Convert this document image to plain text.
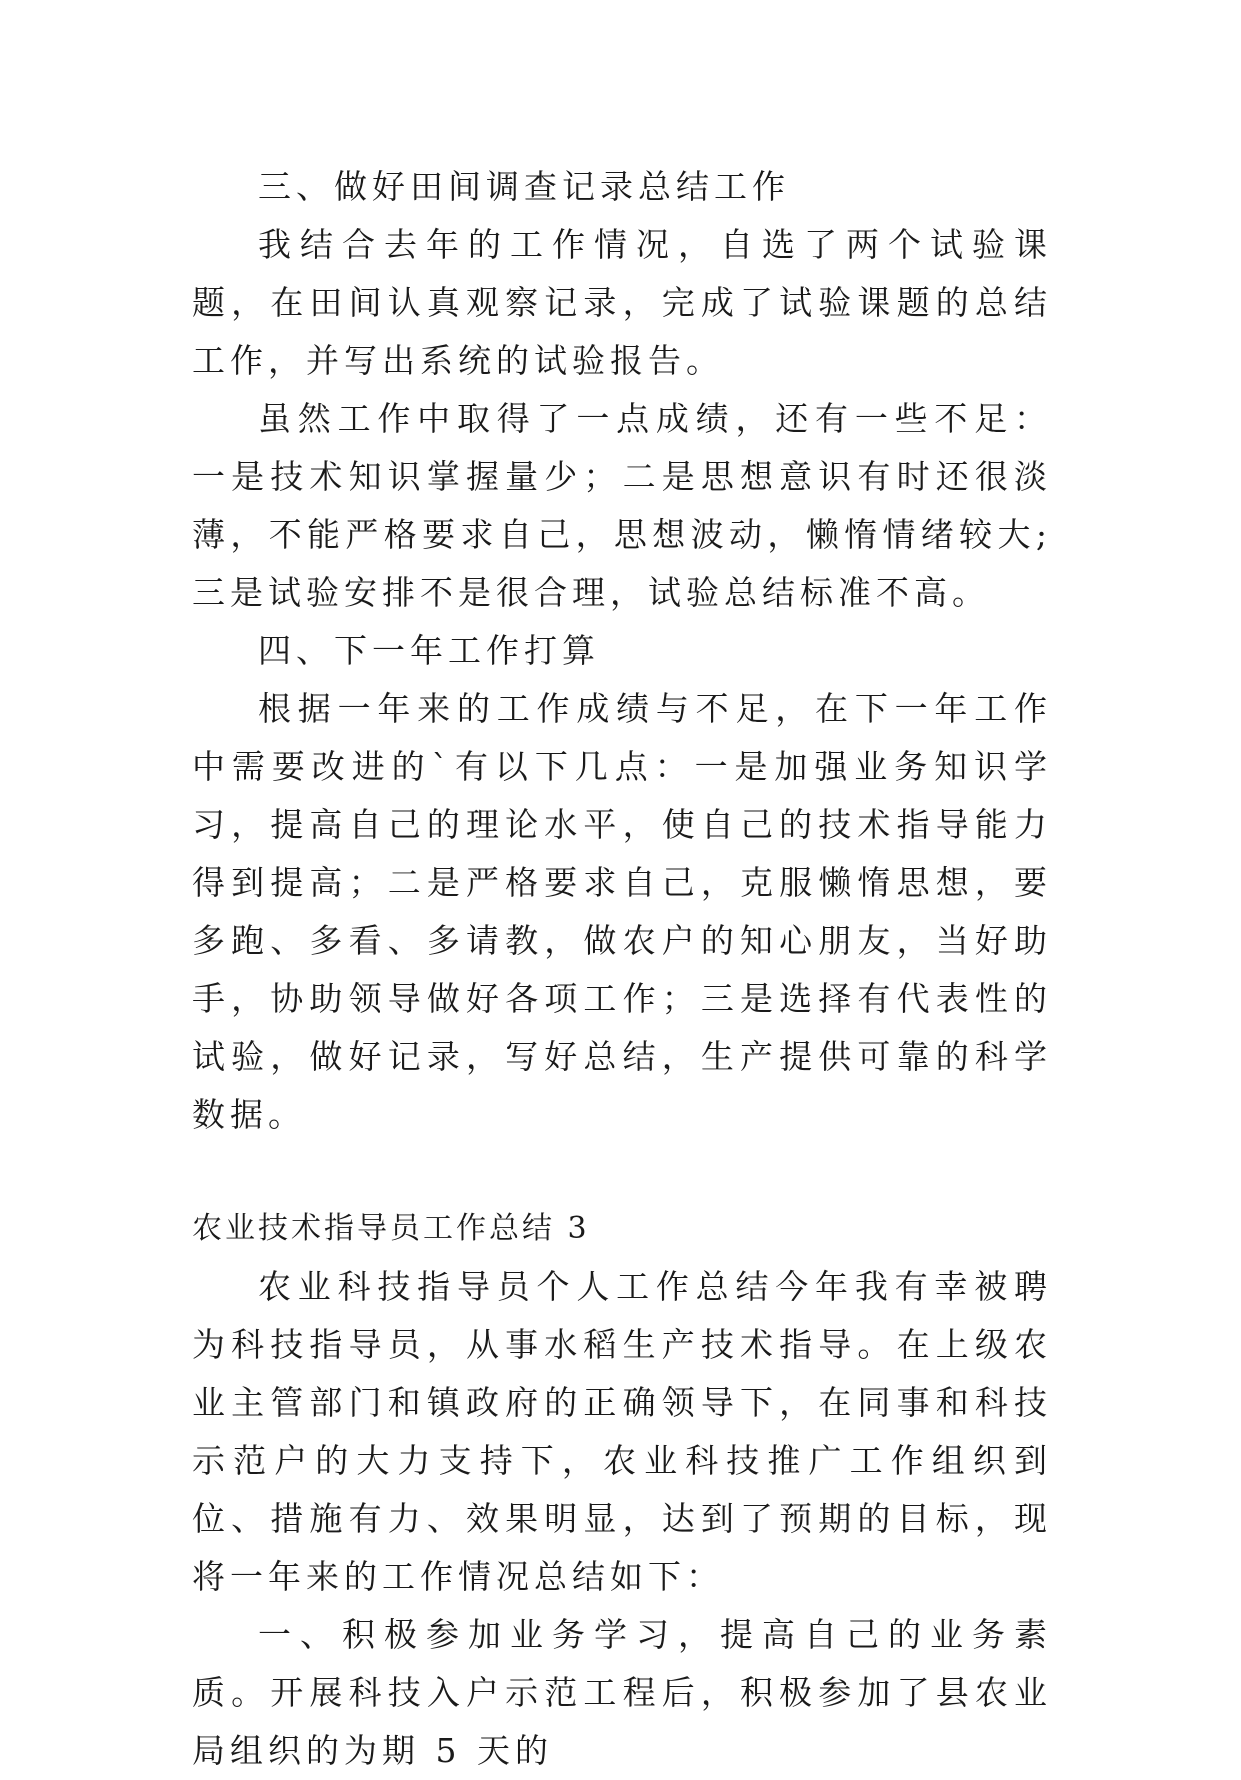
三、做好田间调查记录总结工作

我结合去年的工作情况，自选了两个试验课题，在田间认真观察记录，完成了试验课题的总结工作，并写出系统的试验报告。

虽然工作中取得了一点成绩，还有一些不足：一是技术知识掌握量少；二是思想意识有时还很淡薄，不能严格要求自己，思想波动，懒惰情绪较大;三是试验安排不是很合理，试验总结标准不高。

四、下一年工作打算

根据一年来的工作成绩与不足，在下一年工作中需要改进的`有以下几点：一是加强业务知识学习，提高自己的理论水平，使自己的技术指导能力得到提高；二是严格要求自己，克服懒惰思想，要多跑、多看、多请教，做农户的知心朋友，当好助手，协助领导做好各项工作；三是选择有代表性的试验，做好记录，写好总结，生产提供可靠的科学数据。

农业技术指导员工作总结 3

农业科技指导员个人工作总结今年我有幸被聘为科技指导员，从事水稻生产技术指导。在上级农业主管部门和镇政府的正确领导下，在同事和科技示范户的大力支持下，农业科技推广工作组织到位、措施有力、效果明显，达到了预期的目标，现将一年来的工作情况总结如下：

一、积极参加业务学习，提高自己的业务素质。开展科技入户示范工程后，积极参加了县农业局组织的为期 5 天的
